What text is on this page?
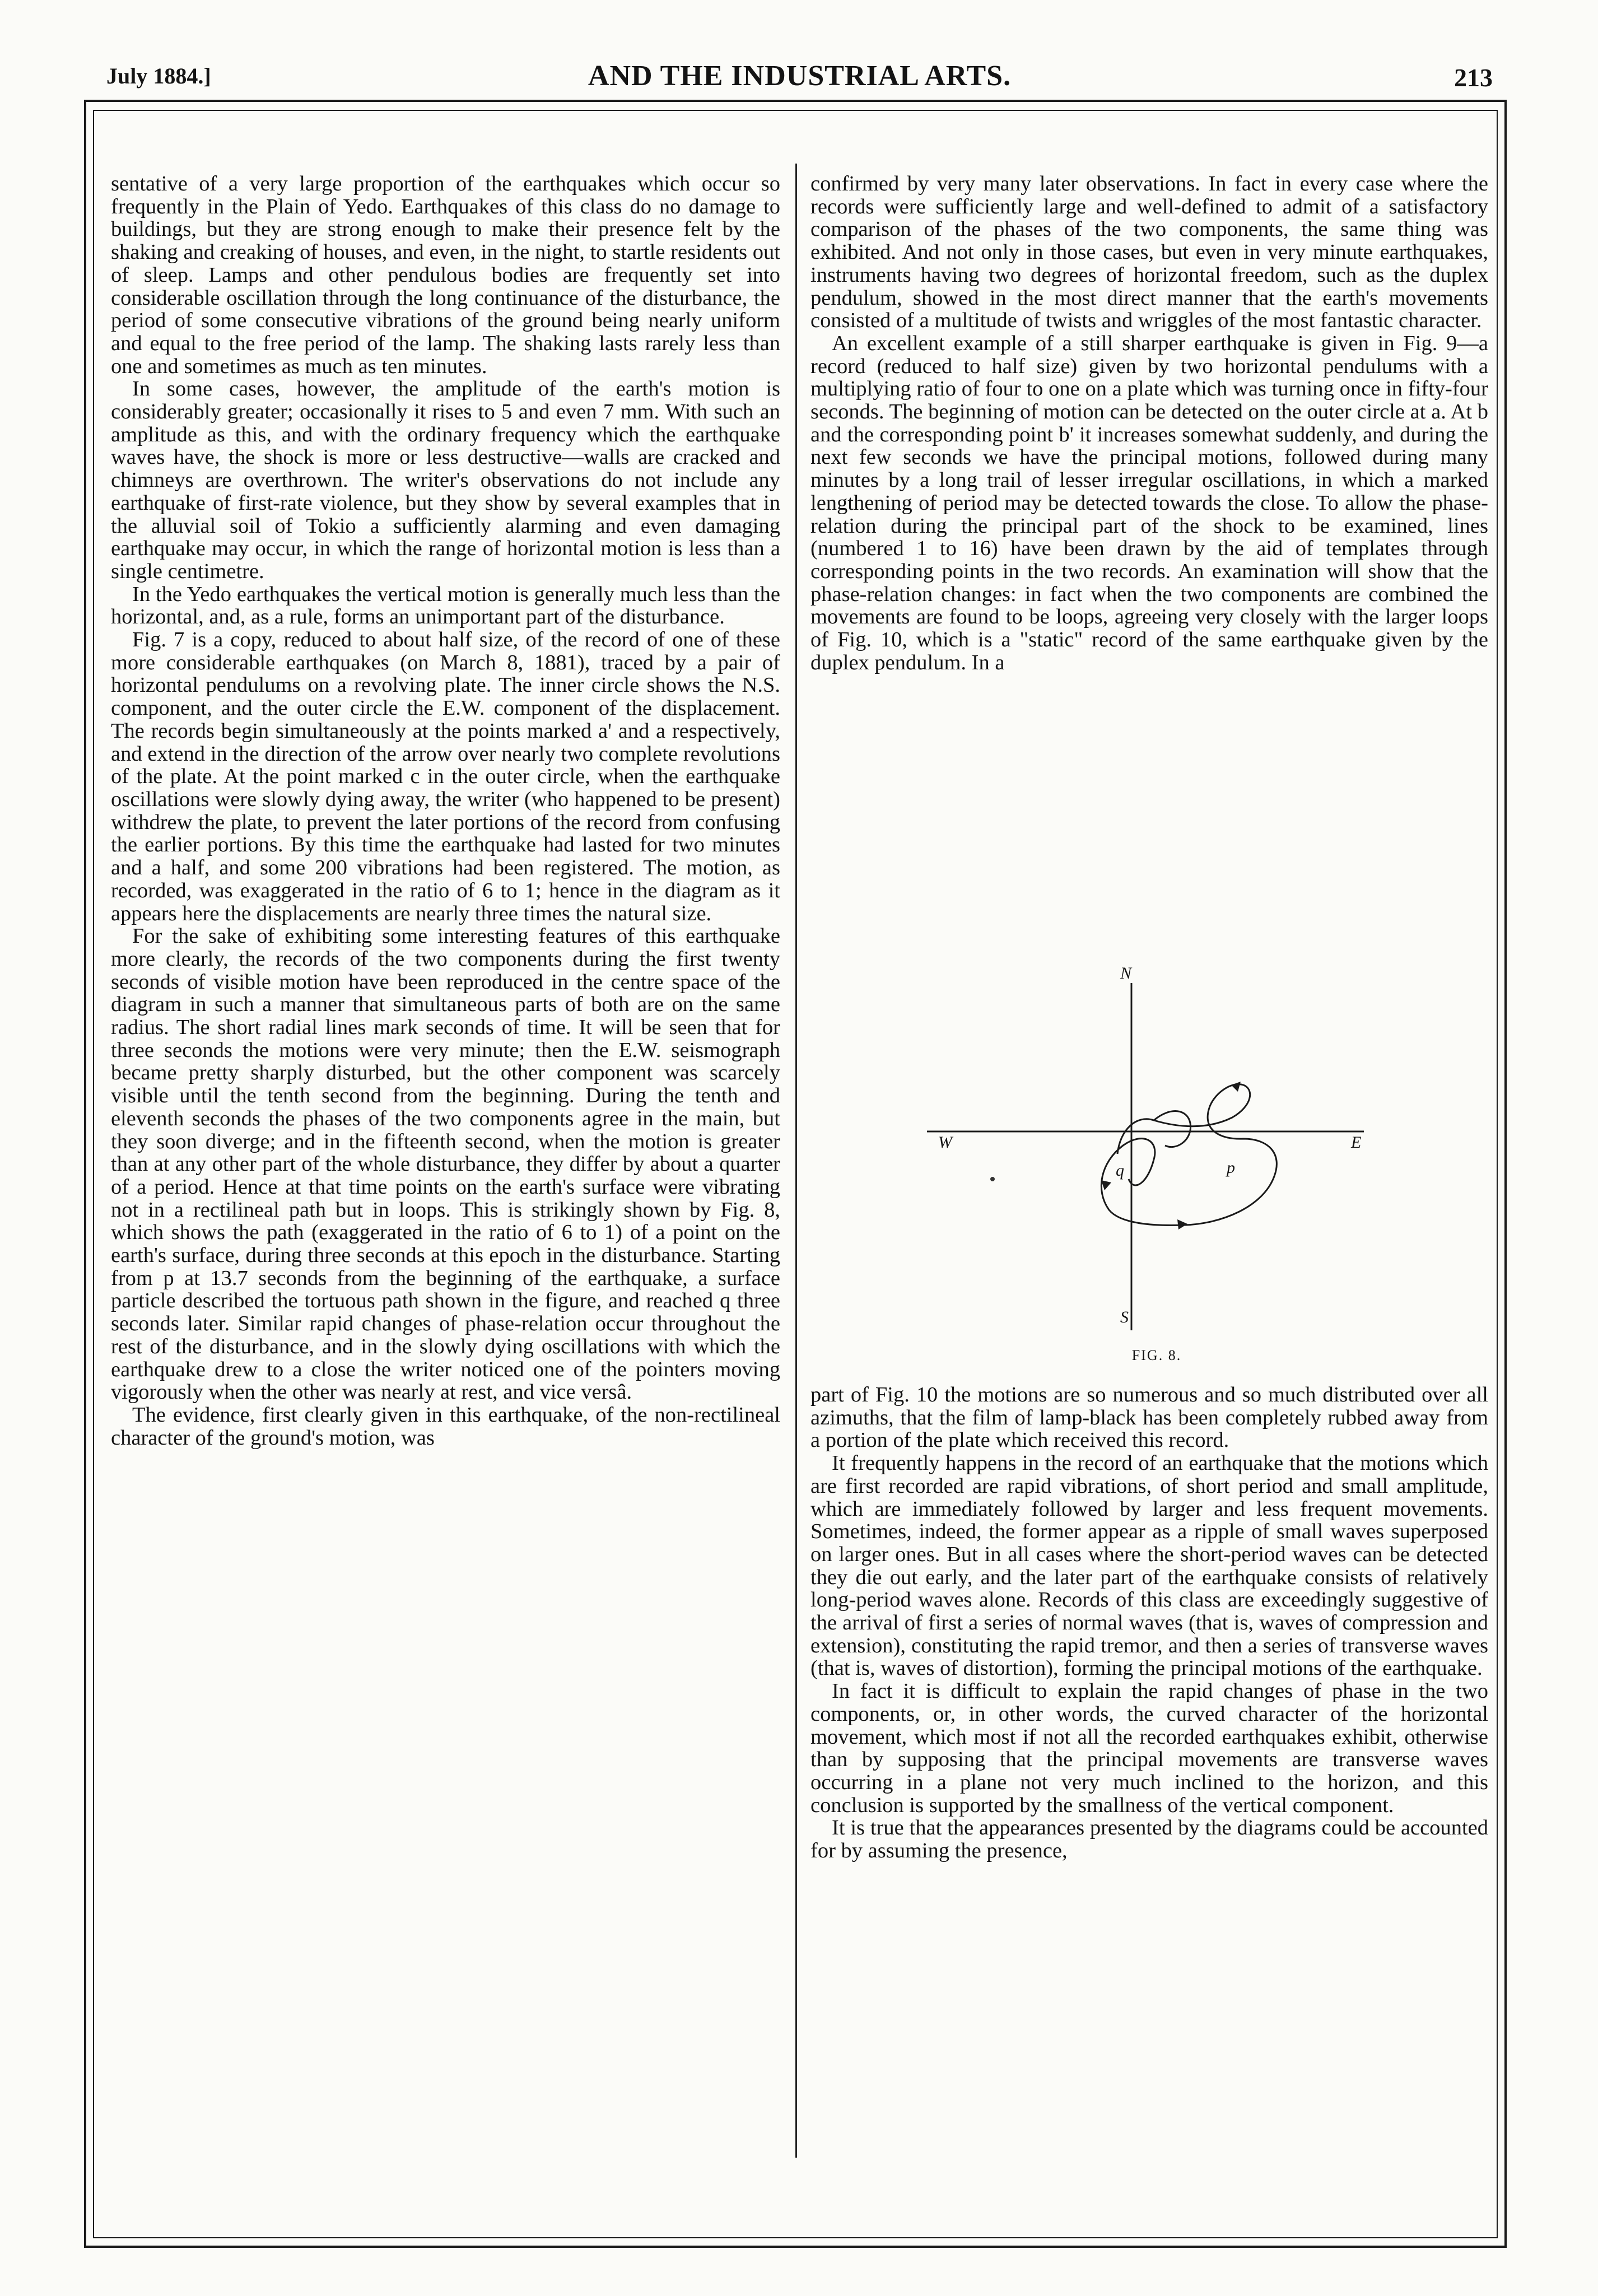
July 1884.]	AND THE INDUSTRIAL ARTS.	213

sentative of a very large proportion of the earthquakes which occur so frequently in the Plain of Yedo. Earthquakes of this class do no damage to buildings, but they are strong enough to make their presence felt by the shaking and creaking of houses, and even, in the night, to startle residents out of sleep. Lamps and other pendulous bodies are frequently set into considerable oscillation through the long continuance of the disturbance, the period of some consecutive vibrations of the ground being nearly uniform and equal to the free period of the lamp. The shaking lasts rarely less than one and sometimes as much as ten minutes.

In some cases, however, the amplitude of the earth's motion is considerably greater; occasionally it rises to 5 and even 7 mm. With such an amplitude as this, and with the ordinary frequency which the earthquake waves have, the shock is more or less destructive—walls are cracked and chimneys are overthrown. The writer's observations do not include any earthquake of first-rate violence, but they show by several examples that in the alluvial soil of Tokio a sufficiently alarming and even damaging earthquake may occur, in which the range of horizontal motion is less than a single centimetre.

In the Yedo earthquakes the vertical motion is generally much less than the horizontal, and, as a rule, forms an unimportant part of the disturbance.

Fig. 7 is a copy, reduced to about half size, of the record of one of these more considerable earthquakes (on March 8, 1881), traced by a pair of horizontal pendulums on a revolving plate. The inner circle shows the N.S. component, and the outer circle the E.W. component of the displacement. The records begin simultaneously at the points marked a' and a respectively, and extend in the direction of the arrow over nearly two complete revolutions of the plate. At the point marked c in the outer circle, when the earthquake oscillations were slowly dying away, the writer (who happened to be present) withdrew the plate, to prevent the later portions of the record from confusing the earlier portions. By this time the earthquake had lasted for two minutes and a half, and some 200 vibrations had been registered. The motion, as recorded, was exaggerated in the ratio of 6 to 1; hence in the diagram as it appears here the displacements are nearly three times the natural size.

For the sake of exhibiting some interesting features of this earthquake more clearly, the records of the two components during the first twenty seconds of visible motion have been reproduced in the centre space of the diagram in such a manner that simultaneous parts of both are on the same radius. The short radial lines mark seconds of time. It will be seen that for three seconds the motions were very minute; then the E.W. seismograph became pretty sharply disturbed, but the other component was scarcely visible until the tenth second from the beginning. During the tenth and eleventh seconds the phases of the two components agree in the main, but they soon diverge; and in the fifteenth second, when the motion is greater than at any other part of the whole disturbance, they differ by about a quarter of a period. Hence at that time points on the earth's surface were vibrating not in a rectilineal path but in loops. This is strikingly shown by Fig. 8, which shows the path (exaggerated in the ratio of 6 to 1) of a point on the earth's surface, during three seconds at this epoch in the disturbance. Starting from p at 13.7 seconds from the beginning of the earthquake, a surface particle described the tortuous path shown in the figure, and reached q three seconds later. Similar rapid changes of phase-relation occur throughout the rest of the disturbance, and in the slowly dying oscillations with which the earthquake drew to a close the writer noticed one of the pointers moving vigorously when the other was nearly at rest, and vice versâ.

The evidence, first clearly given in this earthquake, of the non-rectilineal character of the ground's motion, was

confirmed by very many later observations. In fact in every case where the records were sufficiently large and well-defined to admit of a satisfactory comparison of the phases of the two components, the same thing was exhibited. And not only in those cases, but even in very minute earthquakes, instruments having two degrees of horizontal freedom, such as the duplex pendulum, showed in the most direct manner that the earth's movements consisted of a multitude of twists and wriggles of the most fantastic character.

An excellent example of a still sharper earthquake is given in Fig. 9—a record (reduced to half size) given by two horizontal pendulums with a multiplying ratio of four to one on a plate which was turning once in fifty-four seconds. The beginning of motion can be detected on the outer circle at a. At b and the corresponding point b' it increases somewhat suddenly, and during the next few seconds we have the principal motions, followed during many minutes by a long trail of lesser irregular oscillations, in which a marked lengthening of period may be detected towards the close. To allow the phase-relation during the principal part of the shock to be examined, lines (numbered 1 to 16) have been drawn by the aid of templates through corresponding points in the two records. An examination will show that the phase-relation changes: in fact when the two components are combined the movements are found to be loops, agreeing very closely with the larger loops of Fig. 10, which is a "static" record of the same earthquake given by the duplex pendulum. In a

N
S
W	E
p
q
FIG. 8.

part of Fig. 10 the motions are so numerous and so much distributed over all azimuths, that the film of lamp-black has been completely rubbed away from a portion of the plate which received this record.

It frequently happens in the record of an earthquake that the motions which are first recorded are rapid vibrations, of short period and small amplitude, which are immediately followed by larger and less frequent movements. Sometimes, indeed, the former appear as a ripple of small waves superposed on larger ones. But in all cases where the short-period waves can be detected they die out early, and the later part of the earthquake consists of relatively long-period waves alone. Records of this class are exceedingly suggestive of the arrival of first a series of normal waves (that is, waves of compression and extension), constituting the rapid tremor, and then a series of transverse waves (that is, waves of distortion), forming the principal motions of the earthquake.

In fact it is difficult to explain the rapid changes of phase in the two components, or, in other words, the curved character of the horizontal movement, which most if not all the recorded earthquakes exhibit, otherwise than by supposing that the principal movements are transverse waves occurring in a plane not very much inclined to the horizon, and this conclusion is supported by the smallness of the vertical component.

It is true that the appearances presented by the diagrams could be accounted for by assuming the presence,
